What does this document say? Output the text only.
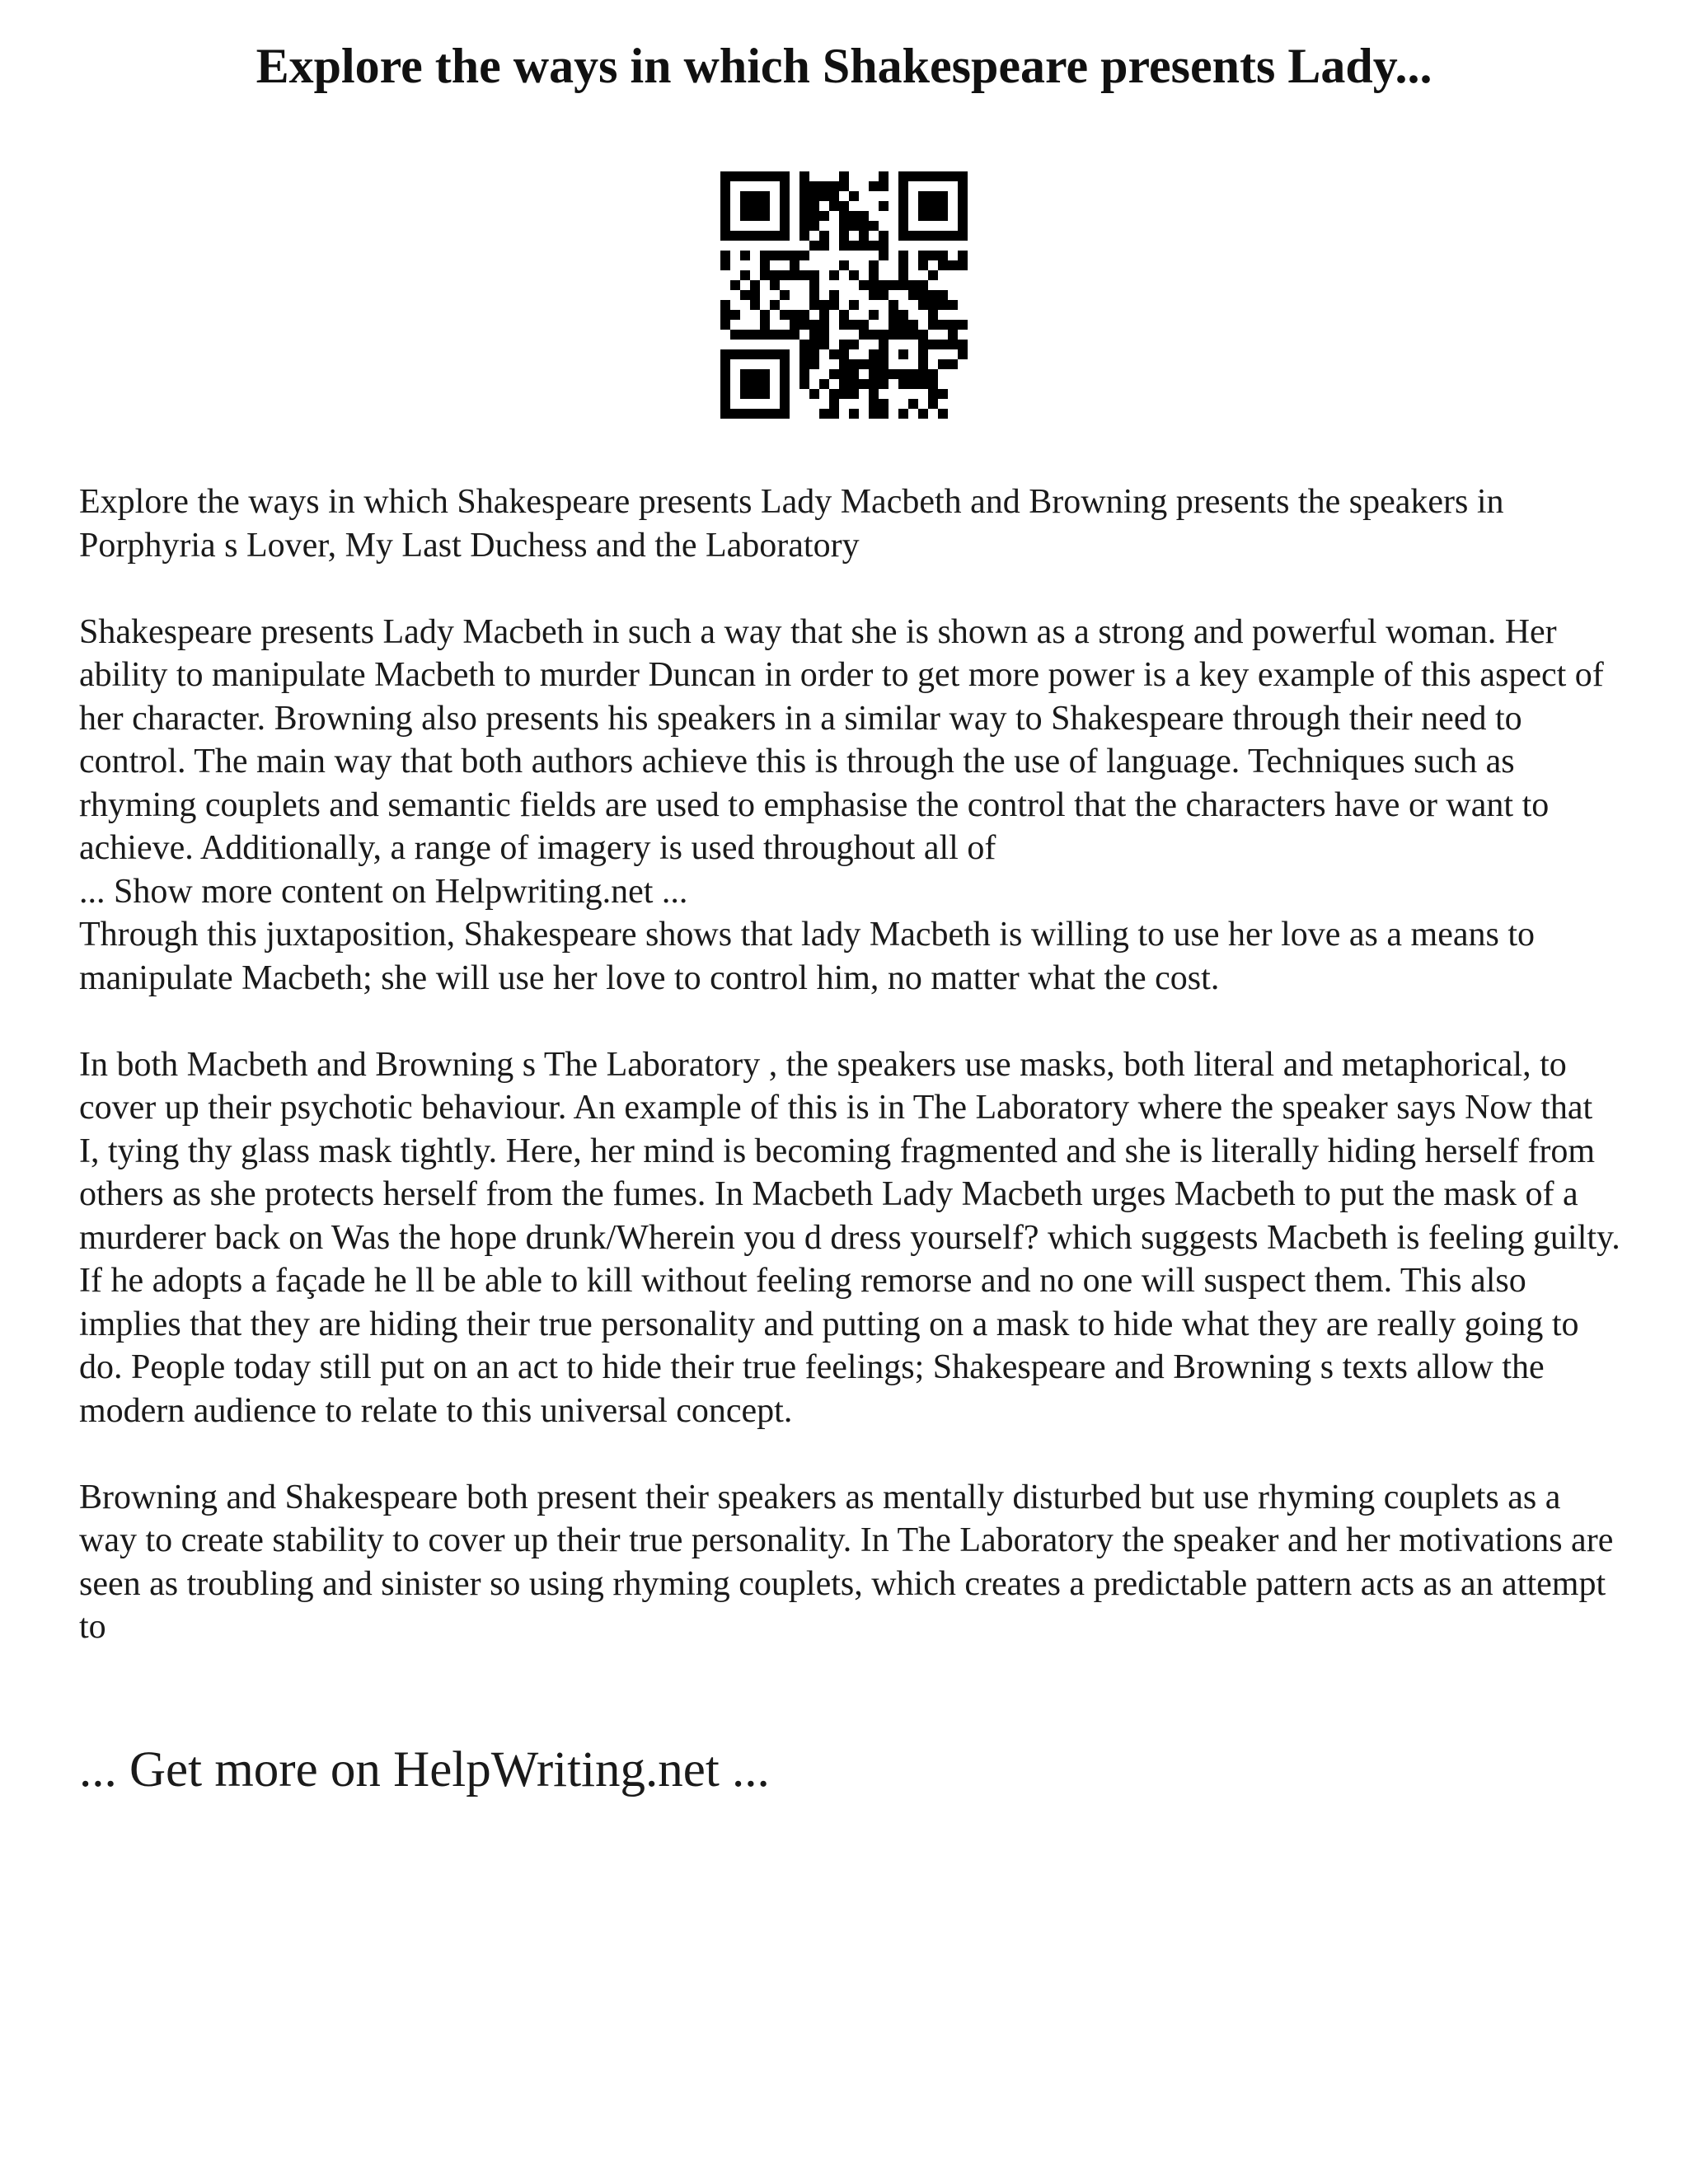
Explore the ways in which Shakespeare presents Lady...

Explore the ways in which Shakespeare presents Lady Macbeth and Browning presents the speakers in Porphyria s Lover, My Last Duchess and the Laboratory

Shakespeare presents Lady Macbeth in such a way that she is shown as a strong and powerful woman. Her ability to manipulate Macbeth to murder Duncan in order to get more power is a key example of this aspect of her character. Browning also presents his speakers in a similar way to Shakespeare through their need to control. The main way that both authors achieve this is through the use of language. Techniques such as rhyming couplets and semantic fields are used to emphasise the control that the characters have or want to achieve. Additionally, a range of imagery is used throughout all of

... Show more content on Helpwriting.net ...

Through this juxtaposition, Shakespeare shows that lady Macbeth is willing to use her love as a means to manipulate Macbeth; she will use her love to control him, no matter what the cost.

In both Macbeth and Browning s The Laboratory , the speakers use masks, both literal and metaphorical, to cover up their psychotic behaviour. An example of this is in The Laboratory where the speaker says Now that I, tying thy glass mask tightly. Here, her mind is becoming fragmented and she is literally hiding herself from others as she protects herself from the fumes. In Macbeth Lady Macbeth urges Macbeth to put the mask of a murderer back on Was the hope drunk/Wherein you d dress yourself? which suggests Macbeth is feeling guilty. If he adopts a façade he ll be able to kill without feeling remorse and no one will suspect them. This also implies that they are hiding their true personality and putting on a mask to hide what they are really going to do. People today still put on an act to hide their true feelings; Shakespeare and Browning s texts allow the modern audience to relate to this universal concept.

Browning and Shakespeare both present their speakers as mentally disturbed but use rhyming couplets as a way to create stability to cover up their true personality. In The Laboratory the speaker and her motivations are seen as troubling and sinister so using rhyming couplets, which creates a predictable pattern acts as an attempt to

... Get more on HelpWriting.net ...
